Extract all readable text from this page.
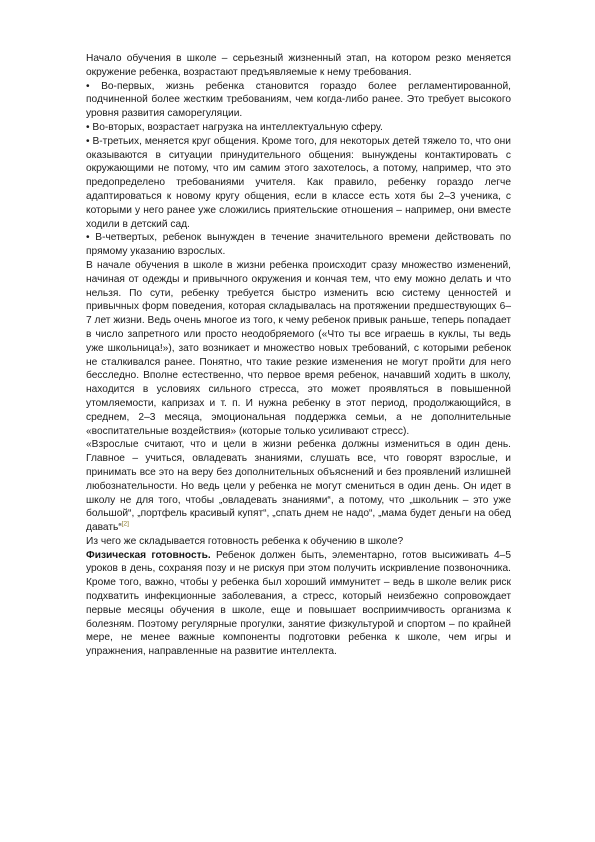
Начало обучения в школе – серьезный жизненный этап, на котором резко меняется окружение ребенка, возрастают предъявляемые к нему требования.

• Во-первых, жизнь ребенка становится гораздо более регламентированной, подчиненной более жестким требованиям, чем когда-либо ранее. Это требует высокого уровня развития саморегуляции.

• Во-вторых, возрастает нагрузка на интеллектуальную сферу.

• В-третьих, меняется круг общения. Кроме того, для некоторых детей тяжело то, что они оказываются в ситуации принудительного общения: вынуждены контактировать с окружающими не потому, что им самим этого захотелось, а потому, например, что это предопределено требованиями учителя. Как правило, ребенку гораздо легче адаптироваться к новому кругу общения, если в классе есть хотя бы 2–3 ученика, с которыми у него ранее уже сложились приятельские отношения – например, они вместе ходили в детский сад.

• В-четвертых, ребенок вынужден в течение значительного времени действовать по прямому указанию взрослых.

В начале обучения в школе в жизни ребенка происходит сразу множество изменений, начиная от одежды и привычного окружения и кончая тем, что ему можно делать и что нельзя. По сути, ребенку требуется быстро изменить всю систему ценностей и привычных форм поведения, которая складывалась на протяжении предшествующих 6–7 лет жизни. Ведь очень многое из того, к чему ребенок привык раньше, теперь попадает в число запретного или просто неодобряемого («Что ты все играешь в куклы, ты ведь уже школьница!»), зато возникает и множество новых требований, с которыми ребенок не сталкивался ранее. Понятно, что такие резкие изменения не могут пройти для него бесследно. Вполне естественно, что первое время ребенок, начавший ходить в школу, находится в условиях сильного стресса, это может проявляться в повышенной утомляемости, капризах и т. п. И нужна ребенку в этот период, продолжающийся, в среднем, 2–3 месяца, эмоциональная поддержка семьи, а не дополнительные «воспитательные воздействия» (которые только усиливают стресс).

«Взрослые считают, что и цели в жизни ребенка должны измениться в один день. Главное – учиться, овладевать знаниями, слушать все, что говорят взрослые, и принимать все это на веру без дополнительных объяснений и без проявлений излишней любознательности. Но ведь цели у ребенка не могут смениться в один день. Он идет в школу не для того, чтобы „овладевать знаниями“, а потому, что „школьник – это уже большой“, „портфель красивый купят“, „спать днем не надо“, „мама будет деньги на обед давать“[2]

Из чего же складывается готовность ребенка к обучению в школе?

Физическая готовность. Ребенок должен быть, элементарно, готов высиживать 4–5 уроков в день, сохраняя позу и не рискуя при этом получить искривление позвоночника. Кроме того, важно, чтобы у ребенка был хороший иммунитет – ведь в школе велик риск подхватить инфекционные заболевания, а стресс, который неизбежно сопровождает первые месяцы обучения в школе, еще и повышает восприимчивость организма к болезням. Поэтому регулярные прогулки, занятие физкультурой и спортом – по крайней мере, не менее важные компоненты подготовки ребенка к школе, чем игры и упражнения, направленные на развитие интеллекта.
